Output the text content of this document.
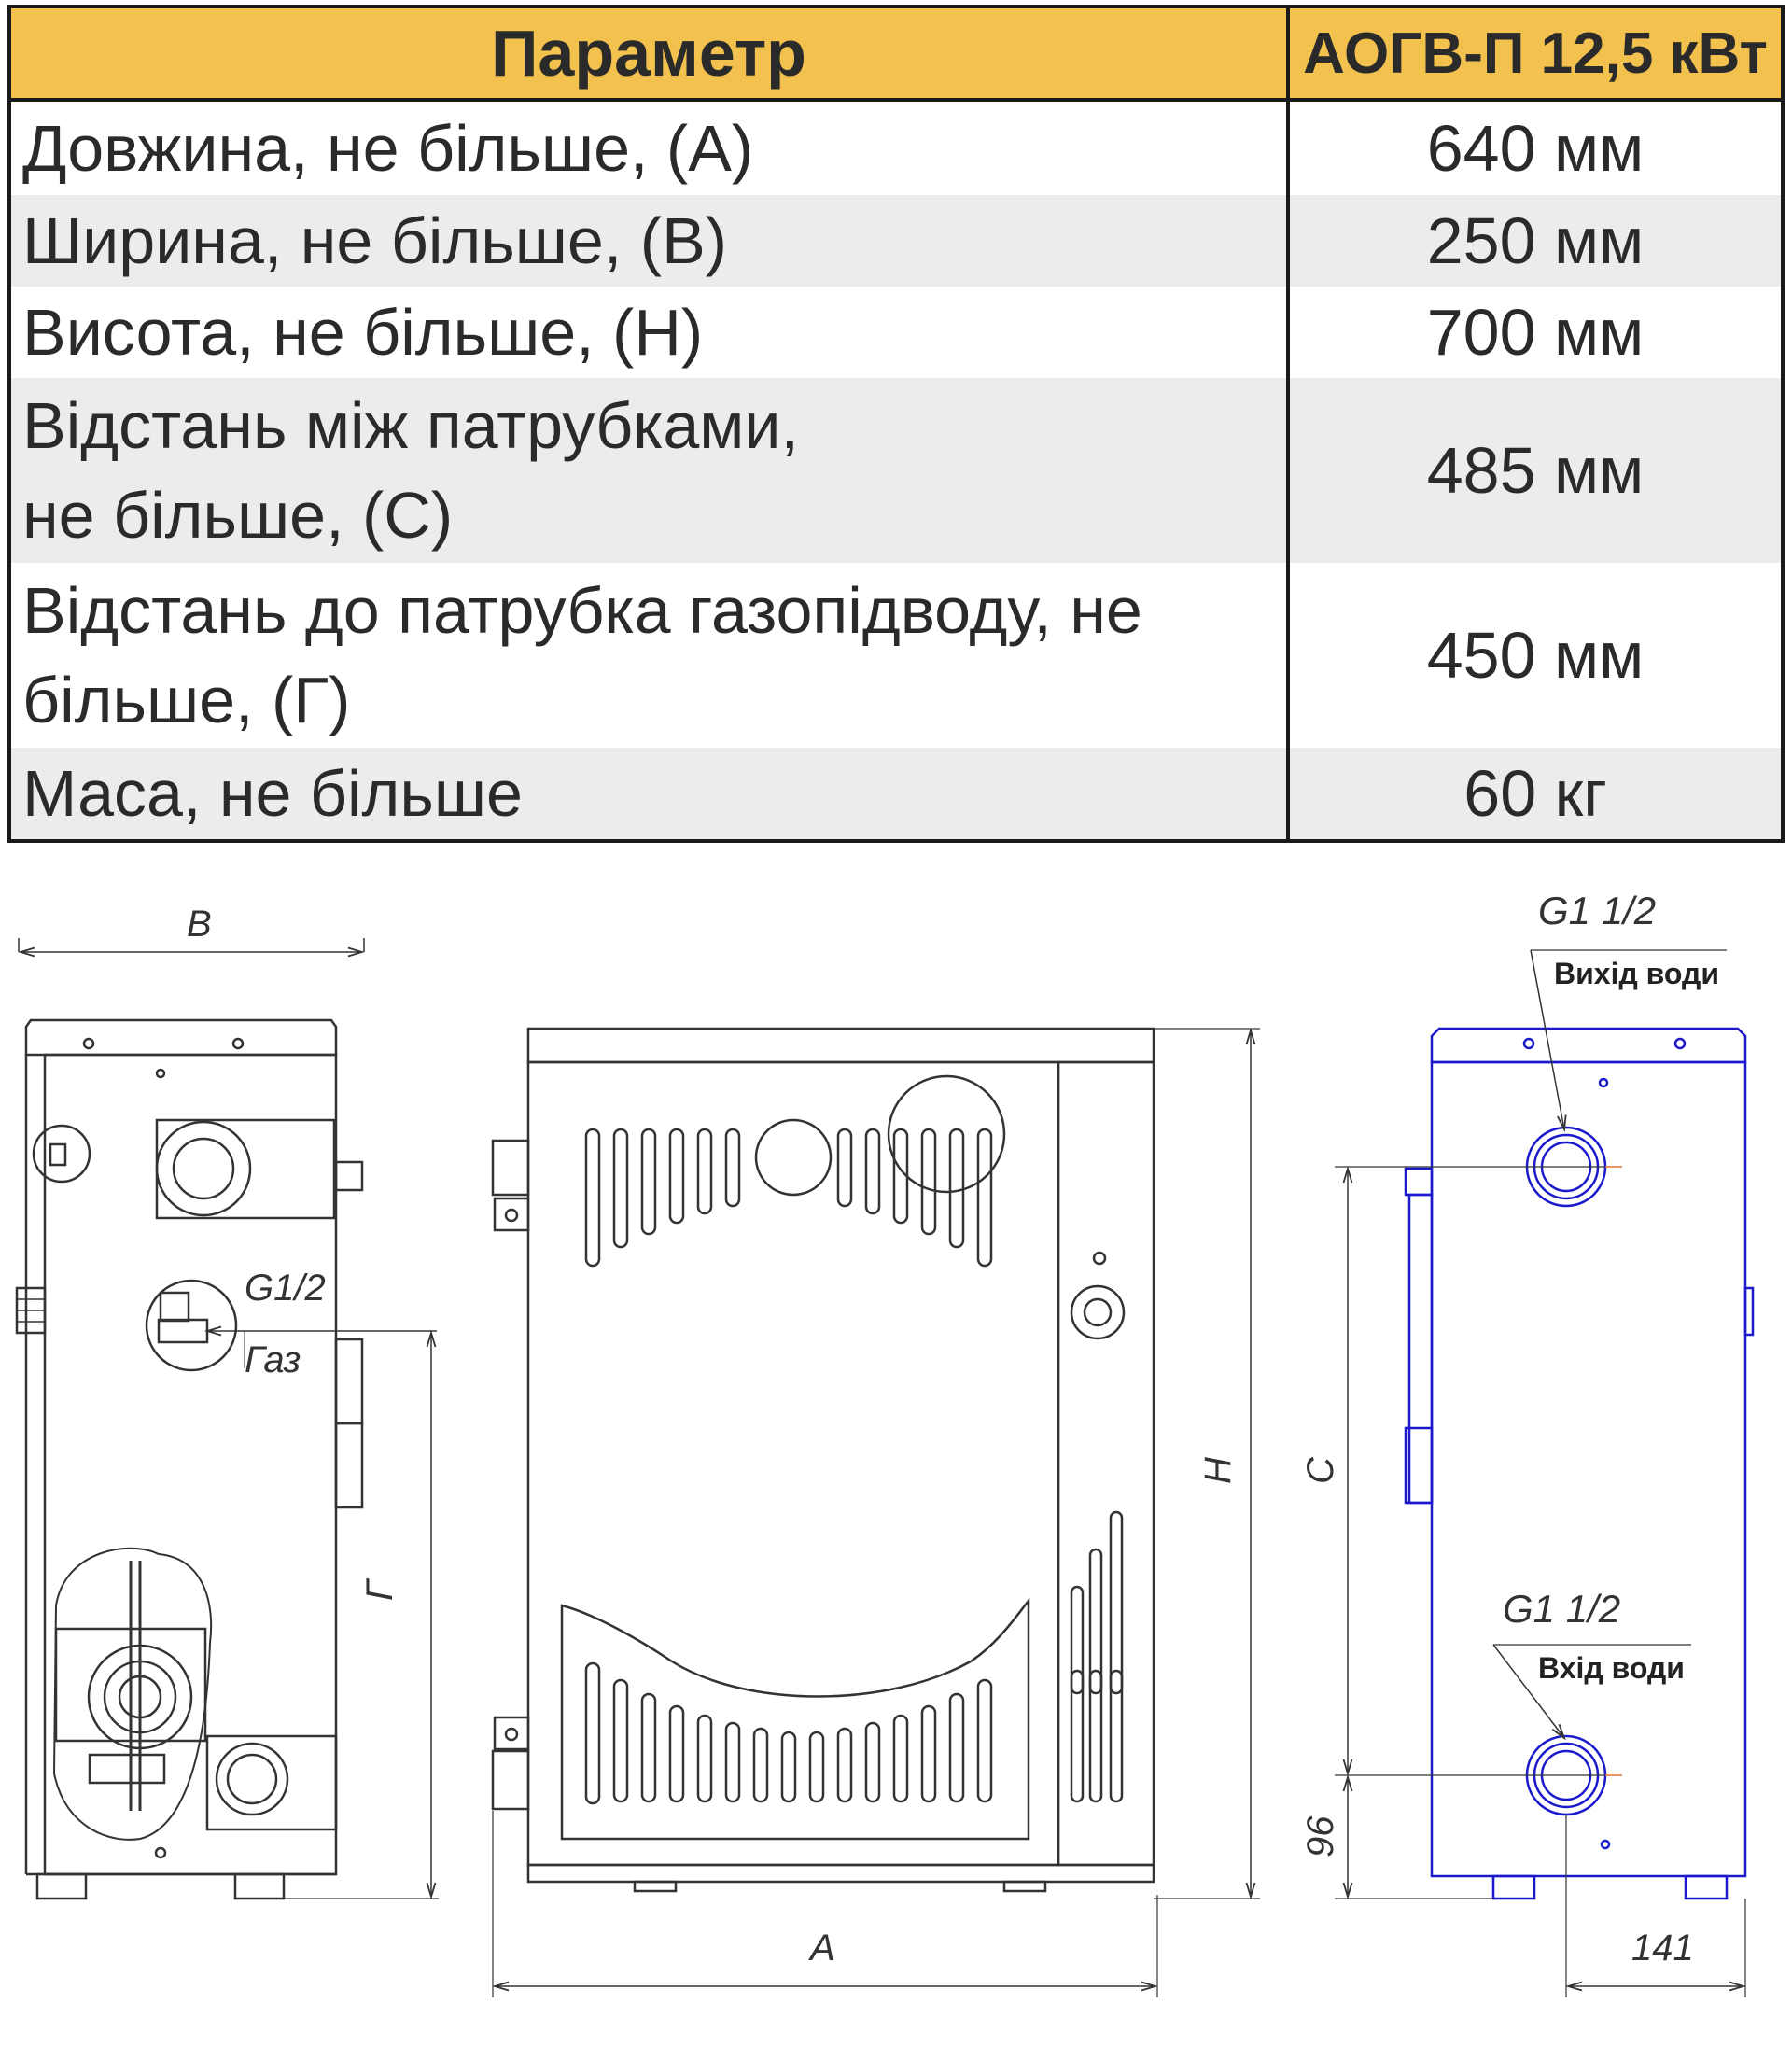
Параметр	АОГВ-П 12,5 кВт
Довжина, не більше, (А)	640 мм
Ширина, не більше, (В)	250 мм
Висота, не більше, (Н)	700 мм

Відстань між патрубками,
не більше, (С)	485 мм

Відстань до патрубка газопідводу, не
більше, (Г)	450 мм
Маса, не більше	60 кг
B
G1/2
Газ
Г
A
H
G1 1/2
Вихід води
G1 1/2
Вхід води
C
96
141
